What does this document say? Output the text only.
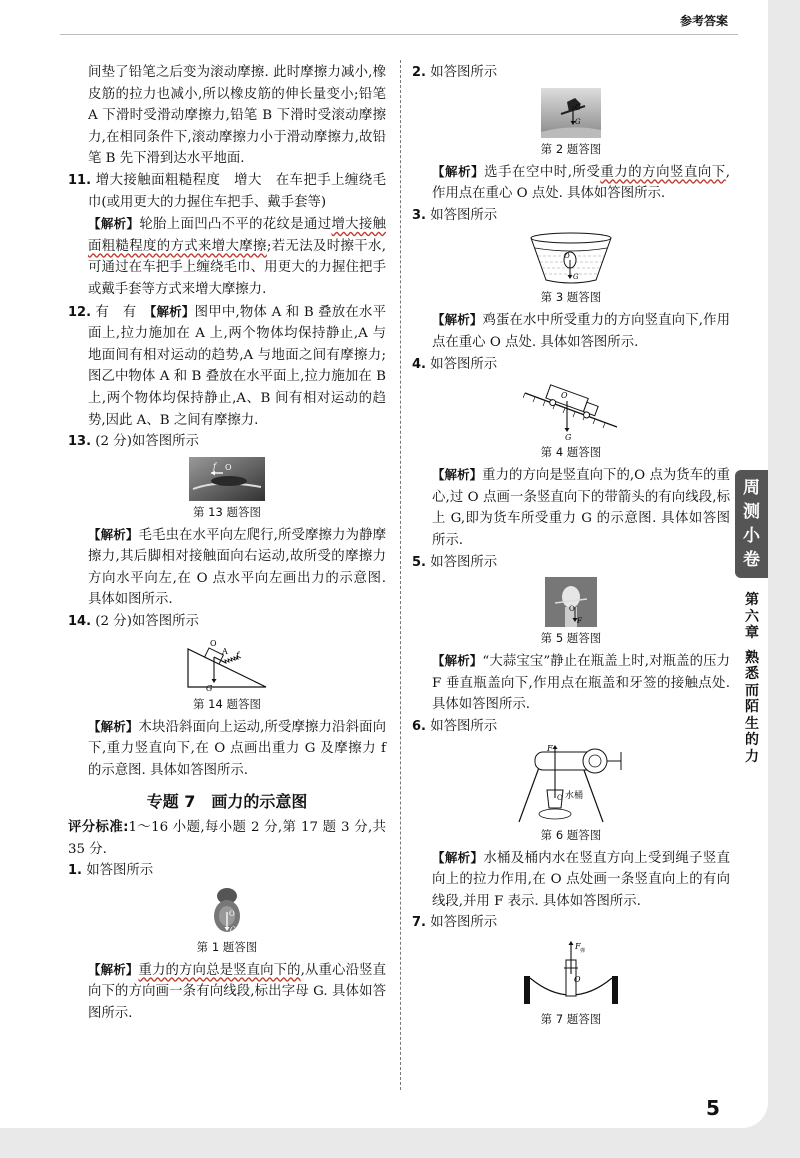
参考答案

间垫了铅笔之后变为滚动摩擦. 此时摩擦力减小,橡皮筋的拉力也减小,所以橡皮筋的伸长量变小;铅笔 A 下滑时受滑动摩擦力,铅笔 B 下滑时受滚动摩擦力,在相同条件下,滚动摩擦力小于滑动摩擦力,故铅笔 B 先下滑到达水平地面.

11. 增大接触面粗糙程度　增大　在车把手上缠绕毛巾(或用更大的力握住车把手、戴手套等)

【解析】轮胎上面凹凸不平的花纹是通过增大接触面粗糙程度的方式来增大摩擦;若无法及时擦干水,可通过在车把手上缠绕毛巾、用更大的力握住把手或戴手套等方式来增大摩擦力.

12. 有　有　【解析】图甲中,物体 A 和 B 叠放在水平面上,拉力施加在 A 上,两个物体均保持静止,A 与地面间有相对运动的趋势,A 与地面之间有摩擦力;图乙中物体 A 和 B 叠放在水平面上,拉力施加在 B 上,两个物体均保持静止,A、B 间有相对运动的趋势,因此 A、B 之间有摩擦力.

13. (2 分)如答图所示

f O
第 13 题答图

【解析】毛毛虫在水平向左爬行,所受摩擦力为静摩擦力,其后脚相对接触面向右运动,故所受的摩擦力方向水平向左,在 O 点水平向左画出力的示意图. 具体如图所示.

14. (2 分)如答图所示

O
A f
G
第 14 题答图

【解析】木块沿斜面向上运动,所受摩擦力沿斜面向下,重力竖直向下,在 O 点画出重力 G 及摩擦力 f 的示意图. 具体如答图所示.

专题 7　画力的示意图

评分标准:1～16 小题,每小题 2 分,第 17 题 3 分,共 35 分.

1. 如答图所示

O
G
第 1 题答图

【解析】重力的方向总是竖直向下的,从重心沿竖直向下的方向画一条有向线段,标出字母 G. 具体如答图所示.

2. 如答图所示

O
G
第 2 题答图

【解析】选手在空中时,所受重力的方向竖直向下,作用点在重心 O 点处. 具体如答图所示.

3. 如答图所示

O
G
第 3 题答图

【解析】鸡蛋在水中所受重力的方向竖直向下,作用点在重心 O 点处. 具体如答图所示.

4. 如答图所示

O
G
第 4 题答图

【解析】重力的方向是竖直向下的,O 点为货车的重心,过 O 点画一条竖直向下的带箭头的有向线段,标上 G,即为货车所受重力 G 的示意图. 具体如答图所示.

5. 如答图所示

O
F
第 5 题答图

【解析】“大蒜宝宝”静止在瓶盖上时,对瓶盖的压力 F 垂直瓶盖向下,作用点在瓶盖和牙签的接触点处. 具体如答图所示.

6. 如答图所示

F
O 水桶
第 6 题答图

【解析】水桶及桶内水在竖直方向上受到绳子竖直向上的拉力作用,在 O 点处画一条竖直向上的有向线段,并用 F 表示. 具体如答图所示.

7. 如答图所示

F 弹
O
第 7 题答图
周
测
小
卷
第
六
章
熟
悉
而
陌
生
的
力
5
